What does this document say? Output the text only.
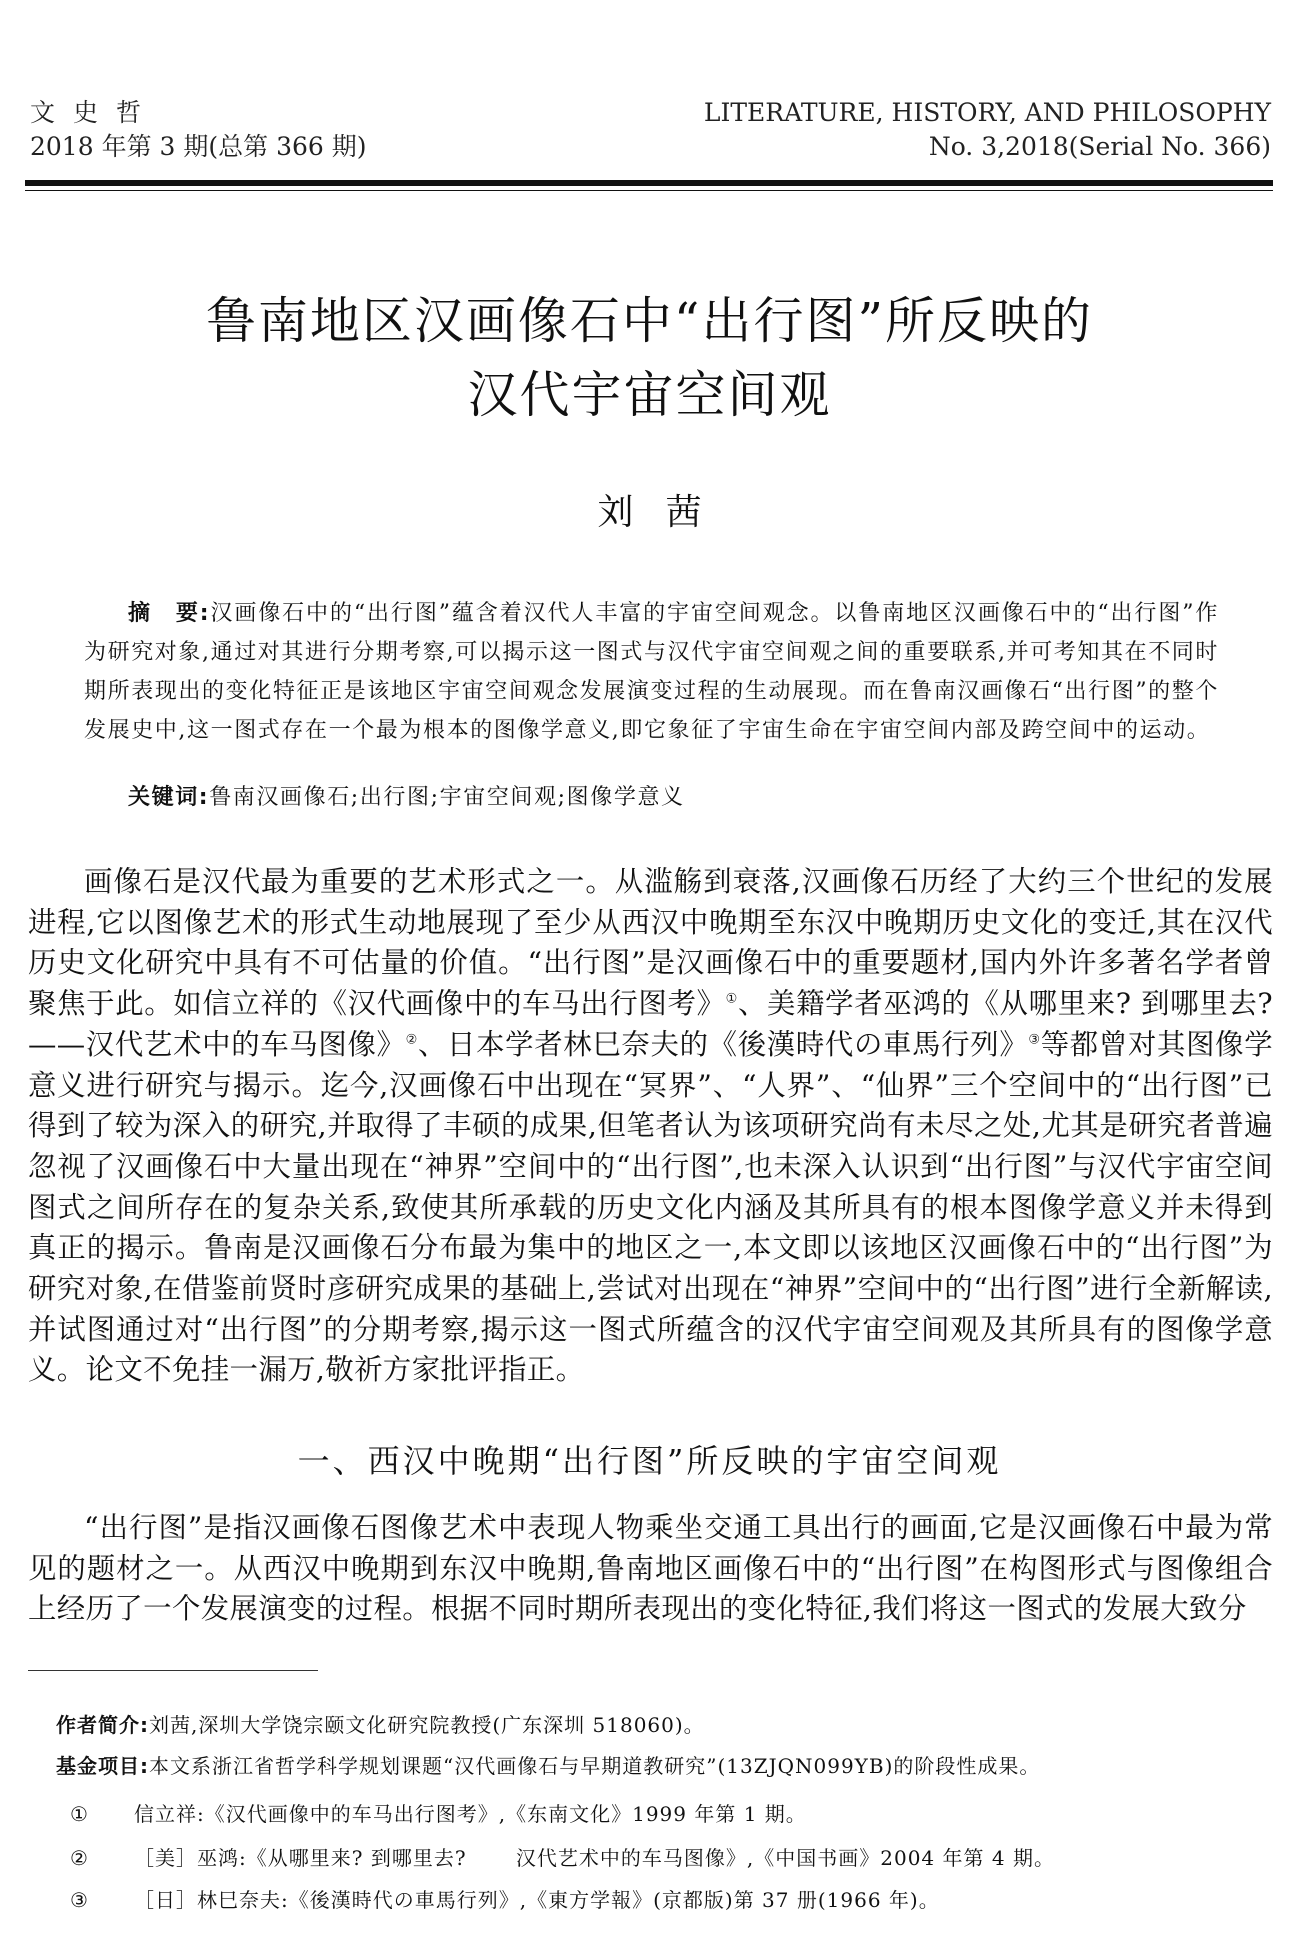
文史哲
2018 年第 3 期(总第 366 期)
LITERATURE, HISTORY, AND PHILOSOPHY
No. 3,2018(Serial No. 366)
鲁南地区汉画像石中“出行图”所反映的
汉代宇宙空间观
刘茜
摘　要:汉画像石中的“出行图”蕴含着汉代人丰富的宇宙空间观念。以鲁南地区汉画像石中的“出行图”作为研究对象,通过对其进行分期考察,可以揭示这一图式与汉代宇宙空间观之间的重要联系,并可考知其在不同时期所表现出的变化特征正是该地区宇宙空间观念发展演变过程的生动展现。而在鲁南汉画像石“出行图”的整个发展史中,这一图式存在一个最为根本的图像学意义,即它象征了宇宙生命在宇宙空间内部及跨空间中的运动。
关键词:鲁南汉画像石;出行图;宇宙空间观;图像学意义

画像石是汉代最为重要的艺术形式之一。从滥觞到衰落,汉画像石历经了大约三个世纪的发展进程,它以图像艺术的形式生动地展现了至少从西汉中晚期至东汉中晚期历史文化的变迁,其在汉代历史文化研究中具有不可估量的价值。“出行图”是汉画像石中的重要题材,国内外许多著名学者曾聚焦于此。如信立祥的《汉代画像中的车马出行图考》①、美籍学者巫鸿的《从哪里来? 到哪里去? ——汉代艺术中的车马图像》②、日本学者林巳奈夫的《後漢時代の車馬行列》③等都曾对其图像学意义进行研究与揭示。迄今,汉画像石中出现在“冥界”、“人界”、“仙界”三个空间中的“出行图”已得到了较为深入的研究,并取得了丰硕的成果,但笔者认为该项研究尚有未尽之处,尤其是研究者普遍忽视了汉画像石中大量出现在“神界”空间中的“出行图”,也未深入认识到“出行图”与汉代宇宙空间图式之间所存在的复杂关系,致使其所承载的历史文化内涵及其所具有的根本图像学意义并未得到真正的揭示。鲁南是汉画像石分布最为集中的地区之一,本文即以该地区汉画像石中的“出行图”为研究对象,在借鉴前贤时彦研究成果的基础上,尝试对出现在“神界”空间中的“出行图”进行全新解读,并试图通过对“出行图”的分期考察,揭示这一图式所蕴含的汉代宇宙空间观及其所具有的图像学意义。论文不免挂一漏万,敬祈方家批评指正。

一、西汉中晚期“出行图”所反映的宇宙空间观

“出行图”是指汉画像石图像艺术中表现人物乘坐交通工具出行的画面,它是汉画像石中最为常见的题材之一。从西汉中晚期到东汉中晚期,鲁南地区画像石中的“出行图”在构图形式与图像组合上经历了一个发展演变的过程。根据不同时期所表现出的变化特征,我们将这一图式的发展大致分

作者简介:刘茜,深圳大学饶宗颐文化研究院教授(广东深圳 518060)。
基金项目:本文系浙江省哲学科学规划课题“汉代画像石与早期道教研究”(13ZJQN099YB)的阶段性成果。
① 信立祥:《汉代画像中的车马出行图考》,《东南文化》1999 年第 1 期。
② ［美］巫鸿:《从哪里来? 到哪里去? 　　汉代艺术中的车马图像》,《中国书画》2004 年第 4 期。
③ ［日］林巳奈夫:《後漢時代の車馬行列》,《東方学報》(京都版)第 37 册(1966 年)。
